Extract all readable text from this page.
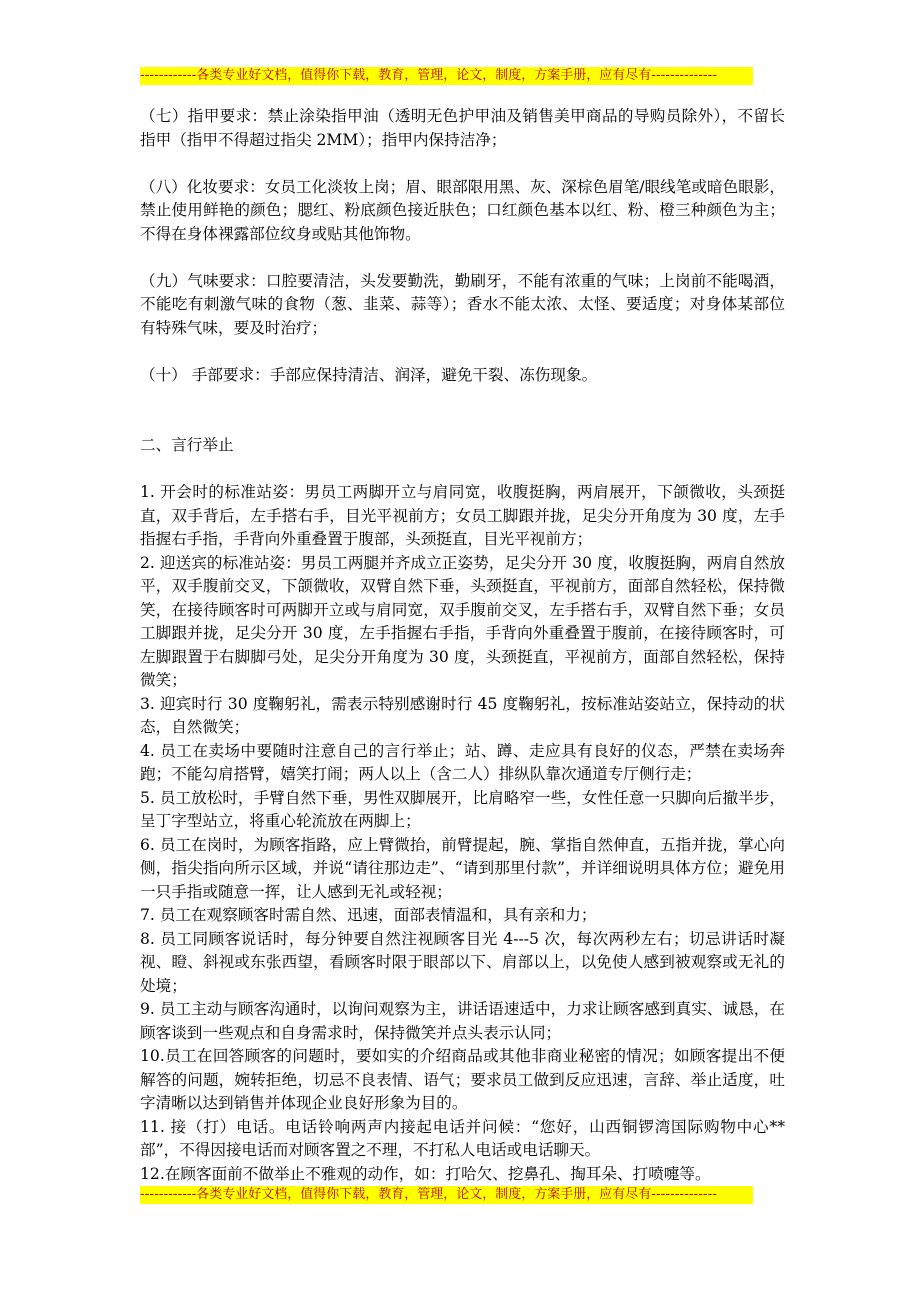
------------各类专业好文档，值得你下载，教育，管理，论文，制度，方案手册，应有尽有--------------

（七）指甲要求：禁止涂染指甲油（透明无色护甲油及销售美甲商品的导购员除外），不留长指甲（指甲不得超过指尖 2MM）；指甲内保持洁净；

（八）化妆要求：女员工化淡妆上岗；眉、眼部限用黑、灰、深棕色眉笔/眼线笔或暗色眼影，禁止使用鲜艳的颜色；腮红、粉底颜色接近肤色；口红颜色基本以红、粉、橙三种颜色为主；不得在身体裸露部位纹身或贴其他饰物。

（九）气味要求：口腔要清洁，头发要勤洗，勤刷牙，不能有浓重的气味；上岗前不能喝酒，不能吃有刺激气味的食物（葱、韭菜、蒜等）；香水不能太浓、太怪、要适度；对身体某部位有特殊气味，要及时治疗；

（十） 手部要求：手部应保持清洁、润泽，避免干裂、冻伤现象。

二、言行举止

1. 开会时的标准站姿：男员工两脚开立与肩同宽，收腹挺胸，两肩展开，下颌微收，头颈挺直，双手背后，左手搭右手，目光平视前方；女员工脚跟并拢，足尖分开角度为 30 度，左手指握右手指，手背向外重叠置于腹部，头颈挺直，目光平视前方；

2. 迎送宾的标准站姿：男员工两腿并齐成立正姿势，足尖分开 30 度，收腹挺胸，两肩自然放平，双手腹前交叉，下颌微收，双臂自然下垂，头颈挺直，平视前方，面部自然轻松，保持微笑，在接待顾客时可两脚开立或与肩同宽，双手腹前交叉，左手搭右手，双臂自然下垂；女员工脚跟并拢，足尖分开 30 度，左手指握右手指，手背向外重叠置于腹前，在接待顾客时，可左脚跟置于右脚脚弓处，足尖分开角度为 30 度，头颈挺直，平视前方，面部自然轻松，保持微笑；

3. 迎宾时行 30 度鞠躬礼，需表示特别感谢时行 45 度鞠躬礼，按标准站姿站立，保持动的状态，自然微笑；

4. 员工在卖场中要随时注意自己的言行举止；站、蹲、走应具有良好的仪态，严禁在卖场奔跑；不能勾肩搭臂，嬉笑打闹；两人以上（含二人）排纵队靠次通道专厅侧行走；

5. 员工放松时，手臂自然下垂，男性双脚展开，比肩略窄一些，女性任意一只脚向后撤半步，呈丁字型站立，将重心轮流放在两脚上；

6. 员工在岗时，为顾客指路，应上臂微抬，前臂提起，腕、掌指自然伸直，五指并拢，掌心向侧，指尖指向所示区域，并说“请往那边走”、“请到那里付款”，并详细说明具体方位；避免用一只手指或随意一挥，让人感到无礼或轻视；

7. 员工在观察顾客时需自然、迅速，面部表情温和，具有亲和力；

8. 员工同顾客说话时，每分钟要自然注视顾客目光 4---5 次，每次两秒左右；切忌讲话时凝视、瞪、斜视或东张西望，看顾客时限于眼部以下、肩部以上，以免使人感到被观察或无礼的处境；

9. 员工主动与顾客沟通时，以询问观察为主，讲话语速适中，力求让顾客感到真实、诚恳，在顾客谈到一些观点和自身需求时，保持微笑并点头表示认同；

10.员工在回答顾客的问题时，要如实的介绍商品或其他非商业秘密的情况；如顾客提出不便解答的问题，婉转拒绝，切忌不良表情、语气；要求员工做到反应迅速，言辞、举止适度，吐字清晰以达到销售并体现企业良好形象为目的。

11. 接（打）电话。电话铃响两声内接起电话并问候：“您好，山西铜锣湾国际购物中心**部”，不得因接电话而对顾客置之不理，不打私人电话或电话聊天。

12.在顾客面前不做举止不雅观的动作，如：打哈欠、挖鼻孔、掏耳朵、打喷嚏等。

------------各类专业好文档，值得你下载，教育，管理，论文，制度，方案手册，应有尽有--------------
